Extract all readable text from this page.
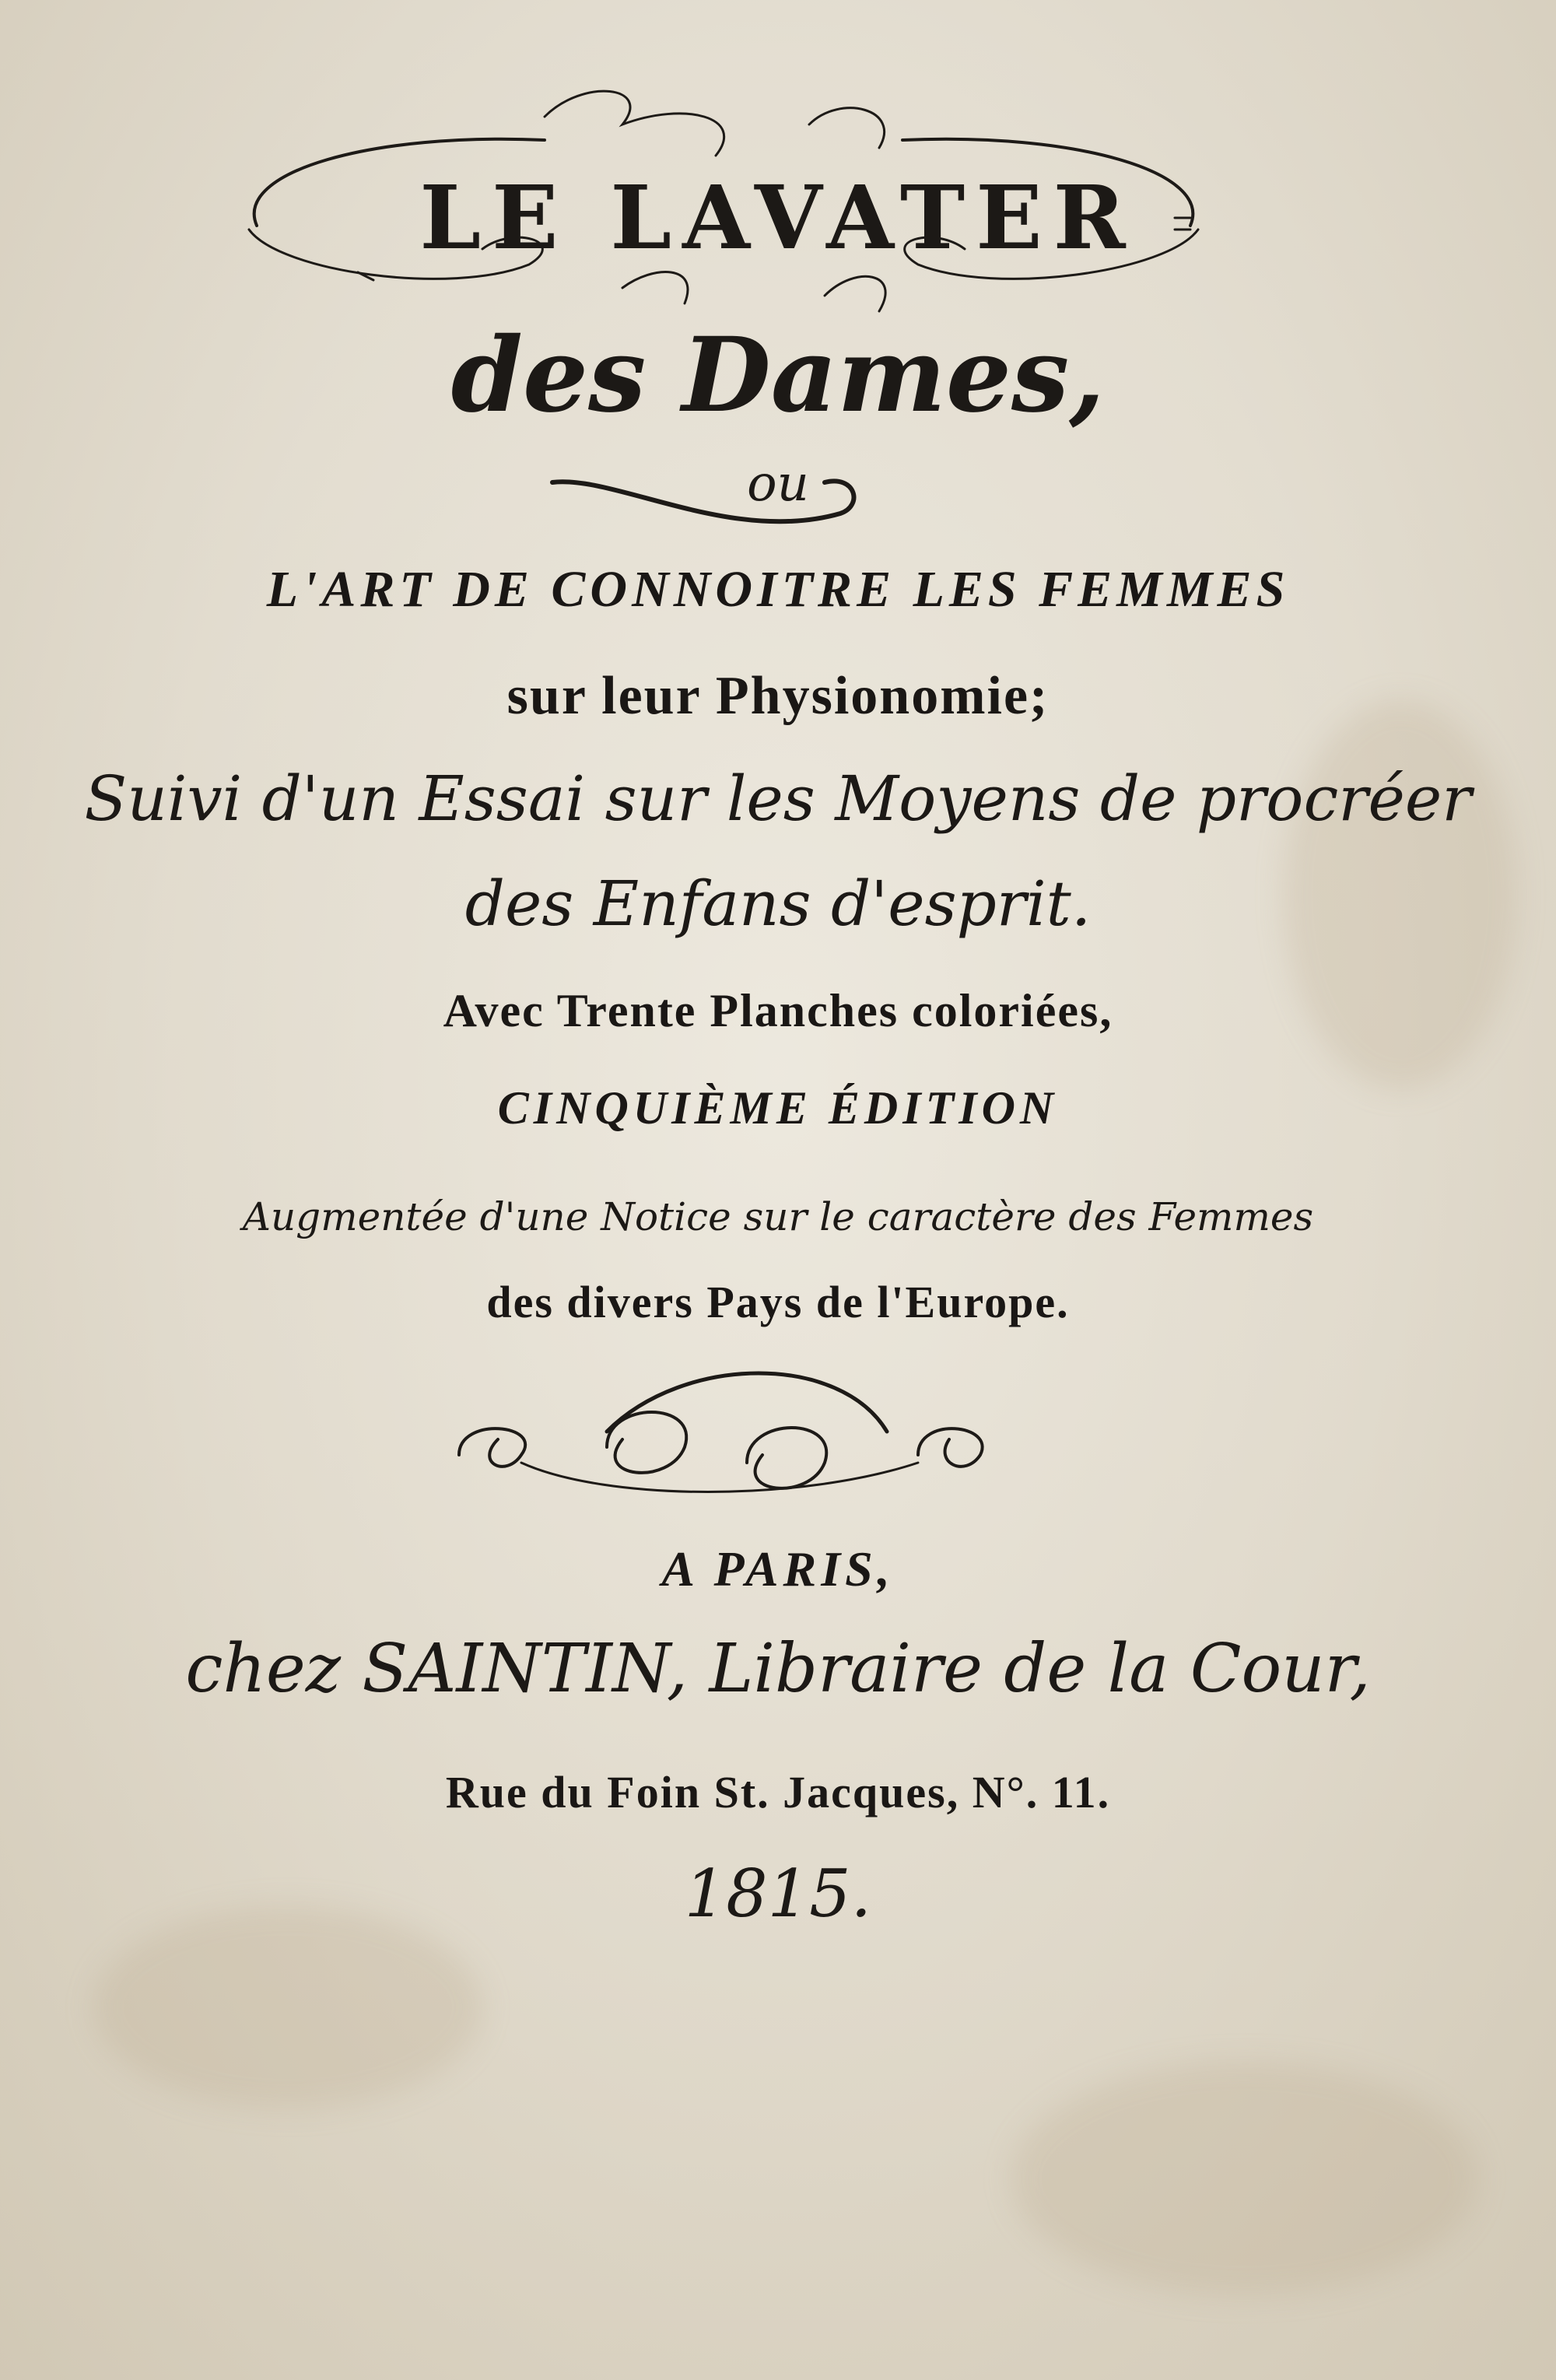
LE LAVATER
des Dames,
ou
L'ART DE CONNOITRE LES FEMMES
sur leur Physionomie;
Suivi d'un Essai sur les Moyens de procréer
des Enfans d'esprit.
Avec Trente Planches coloriées,
CINQUIÈME ÉDITION
Augmentée d'une Notice sur le caractère des Femmes
des divers Pays de l'Europe.
A PARIS,
chez SAINTIN, Libraire de la Cour,
Rue du Foin St. Jacques, N°. 11.
1815.
